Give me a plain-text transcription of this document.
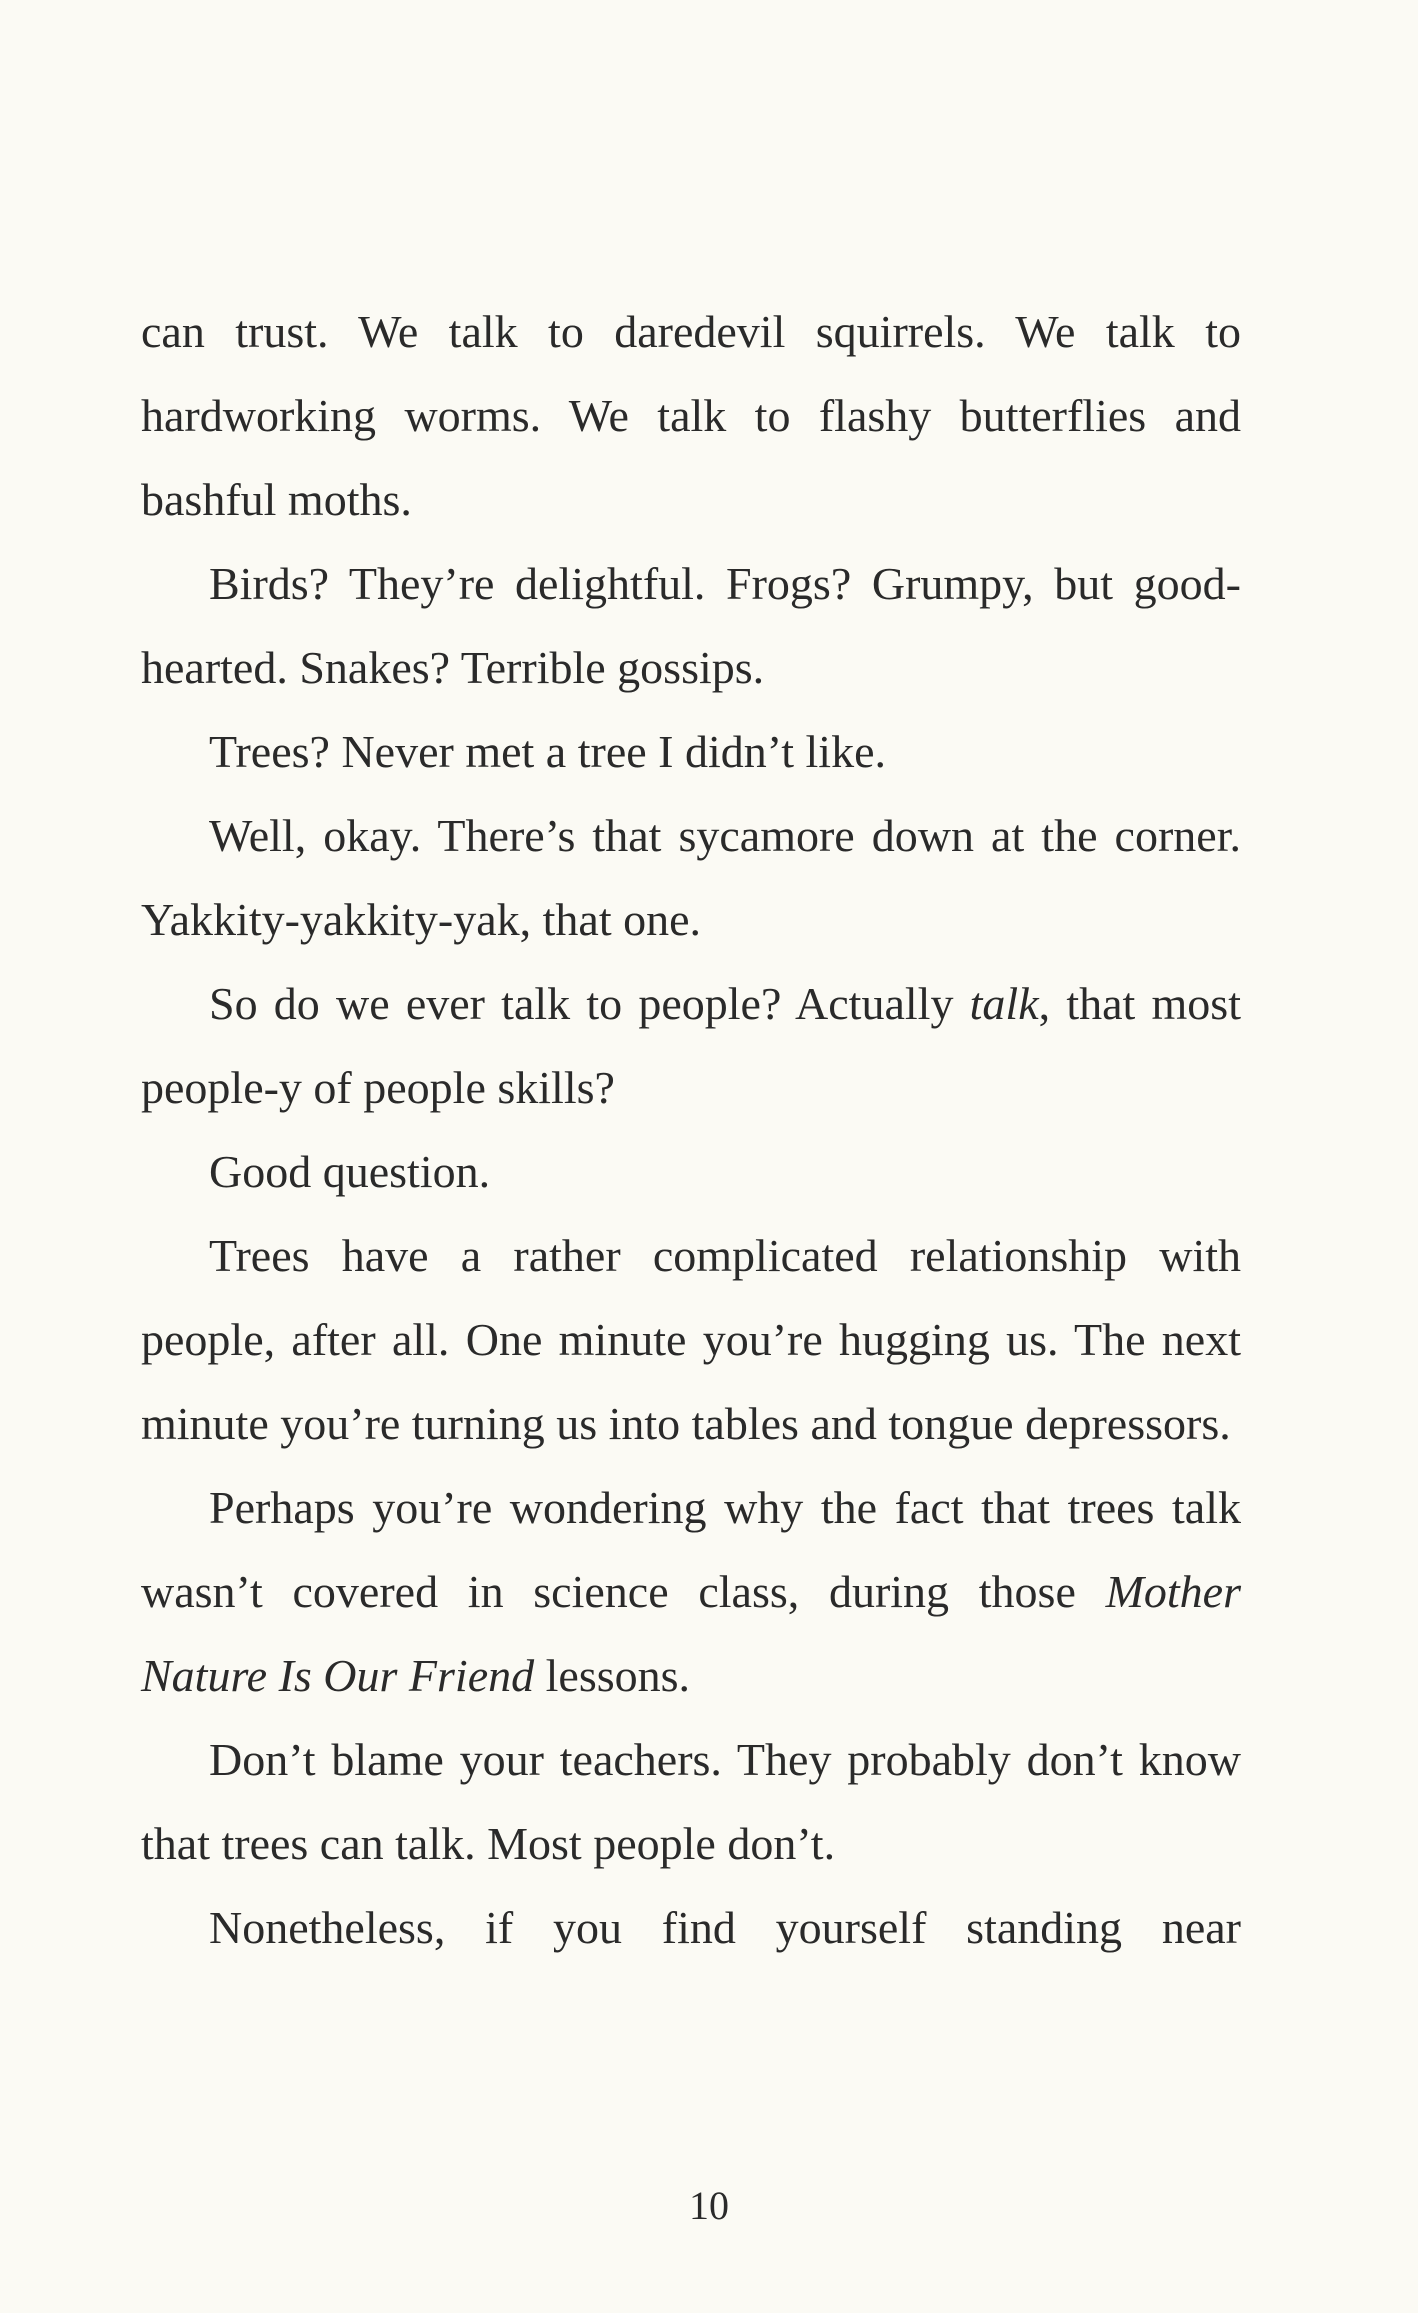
can trust. We talk to daredevil squirrels. We talk to hardworking worms. We talk to flashy butterflies and bashful moths.

Birds? They’re delightful. Frogs? Grumpy, but good-hearted. Snakes? Terrible gossips.

Trees? Never met a tree I didn’t like.

Well, okay. There’s that sycamore down at the corner. Yakkity-yakkity-yak, that one.

So do we ever talk to people? Actually talk, that most people-y of people skills?

Good question.

Trees have a rather complicated relationship with people, after all. One minute you’re hugging us. The next minute you’re turning us into tables and tongue depressors.

Perhaps you’re wondering why the fact that trees talk wasn’t covered in science class, during those Mother Nature Is Our Friend lessons.

Don’t blame your teachers. They probably don’t know that trees can talk. Most people don’t.

Nonetheless, if you find yourself standing near

10
